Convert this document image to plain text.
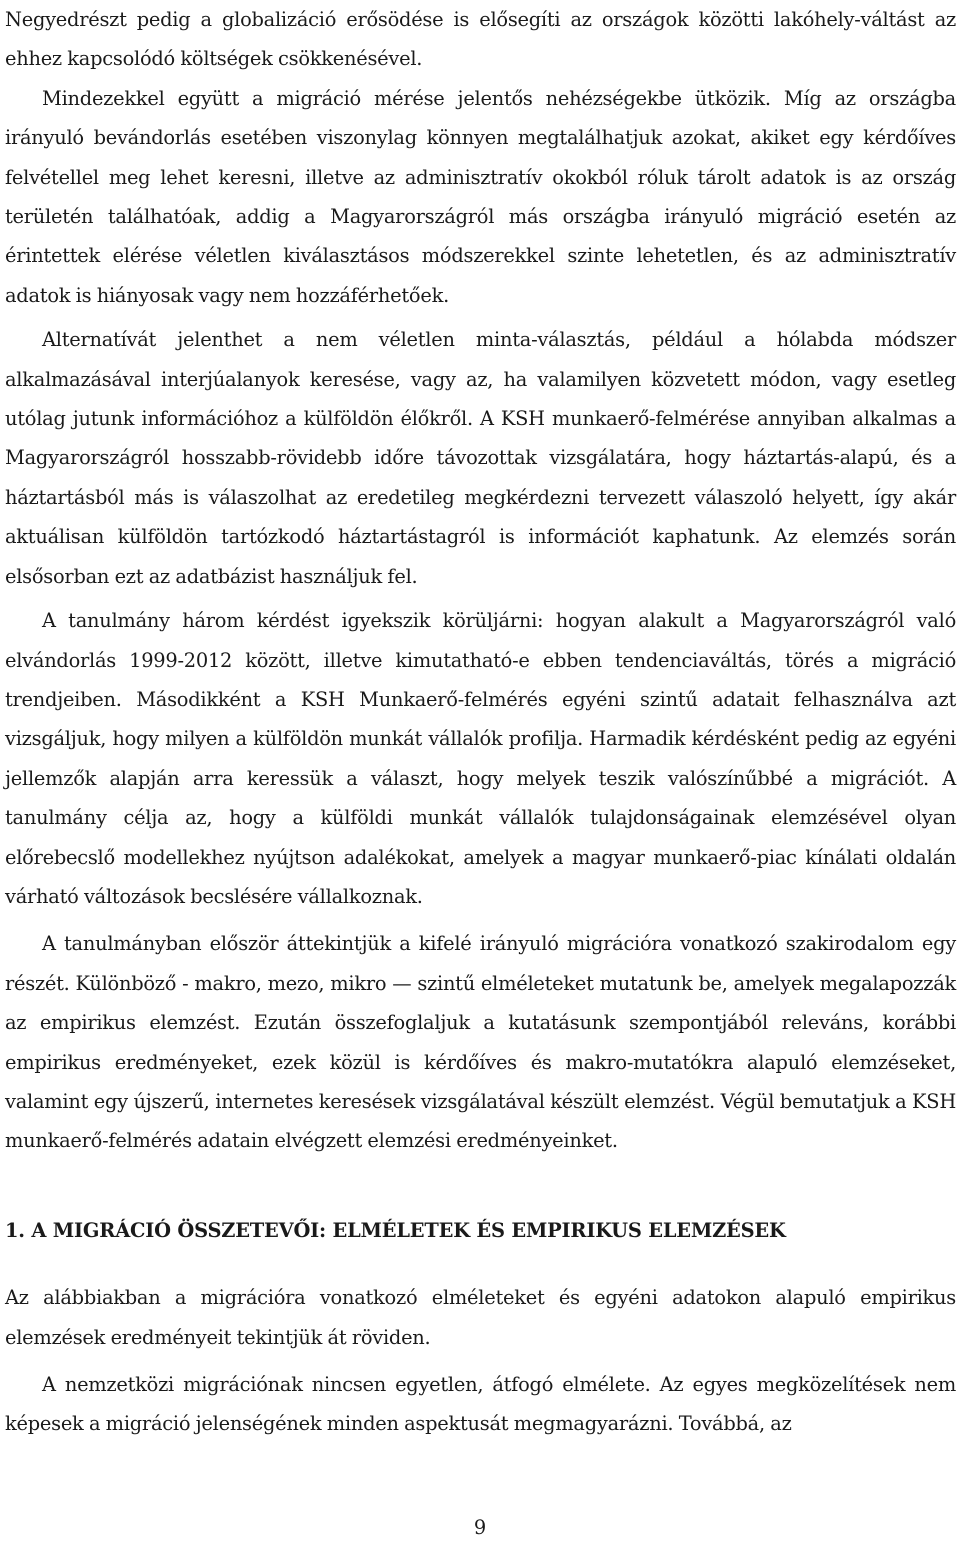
Negyedrészt pedig a globalizáció erősödése is elősegíti az országok közötti lakóhely-váltást az ehhez kapcsolódó költségek csökkenésével.

Mindezekkel együtt a migráció mérése jelentős nehézségekbe ütközik. Míg az országba irányuló bevándorlás esetében viszonylag könnyen megtalálhatjuk azokat, akiket egy kérdőíves felvétellel meg lehet keresni, illetve az adminisztratív okokból róluk tárolt adatok is az ország területén találhatóak, addig a Magyarországról más országba irányuló migráció esetén az érintettek elérése véletlen kiválasztásos módszerekkel szinte lehetetlen, és az adminisztratív adatok is hiányosak vagy nem hozzáférhetőek.

Alternatívát jelenthet a nem véletlen minta-választás, például a hólabda módszer alkalmazásával interjúalanyok keresése, vagy az, ha valamilyen közvetett módon, vagy esetleg utólag jutunk információhoz a külföldön élőkről. A KSH munkaerő-felmérése annyiban alkalmas a Magyarországról hosszabb-rövidebb időre távozottak vizsgálatára, hogy háztartás-alapú, és a háztartásból más is válaszolhat az eredetileg megkérdezni tervezett válaszoló helyett, így akár aktuálisan külföldön tartózkodó háztartástagról is információt kaphatunk. Az elemzés során elsősorban ezt az adatbázist használjuk fel.

A tanulmány három kérdést igyekszik körüljárni: hogyan alakult a Magyarországról való elvándorlás 1999-2012 között, illetve kimutatható-e ebben tendenciaváltás, törés a migráció trendjeiben. Másodikként a KSH Munkaerő-felmérés egyéni szintű adatait felhasználva azt vizsgáljuk, hogy milyen a külföldön munkát vállalók profilja. Harmadik kérdésként pedig az egyéni jellemzők alapján arra keressük a választ, hogy melyek teszik valószínűbbé a migrációt. A tanulmány célja az, hogy a külföldi munkát vállalók tulajdonságainak elemzésével olyan előrebecslő modellekhez nyújtson adalékokat, amelyek a magyar munkaerő-piac kínálati oldalán várható változások becslésére vállalkoznak.

A tanulmányban először áttekintjük a kifelé irányuló migrációra vonatkozó szakirodalom egy részét. Különböző - makro, mezo, mikro — szintű elméleteket mutatunk be, amelyek megalapozzák az empirikus elemzést. Ezután összefoglaljuk a kutatásunk szempontjából releváns, korábbi empirikus eredményeket, ezek közül is kérdőíves és makro-mutatókra alapuló elemzéseket, valamint egy újszerű, internetes keresések vizsgálatával készült elemzést. Végül bemutatjuk a KSH munkaerő-felmérés adatain elvégzett elemzési eredményeinket.

1. A MIGRÁCIÓ ÖSSZETEVŐI: ELMÉLETEK ÉS EMPIRIKUS ELEMZÉSEK

Az alábbiakban a migrációra vonatkozó elméleteket és egyéni adatokon alapuló empirikus elemzések eredményeit tekintjük át röviden.

A nemzetközi migrációnak nincsen egyetlen, átfogó elmélete. Az egyes megközelítések nem képesek a migráció jelenségének minden aspektusát megmagyarázni. Továbbá, az

9
